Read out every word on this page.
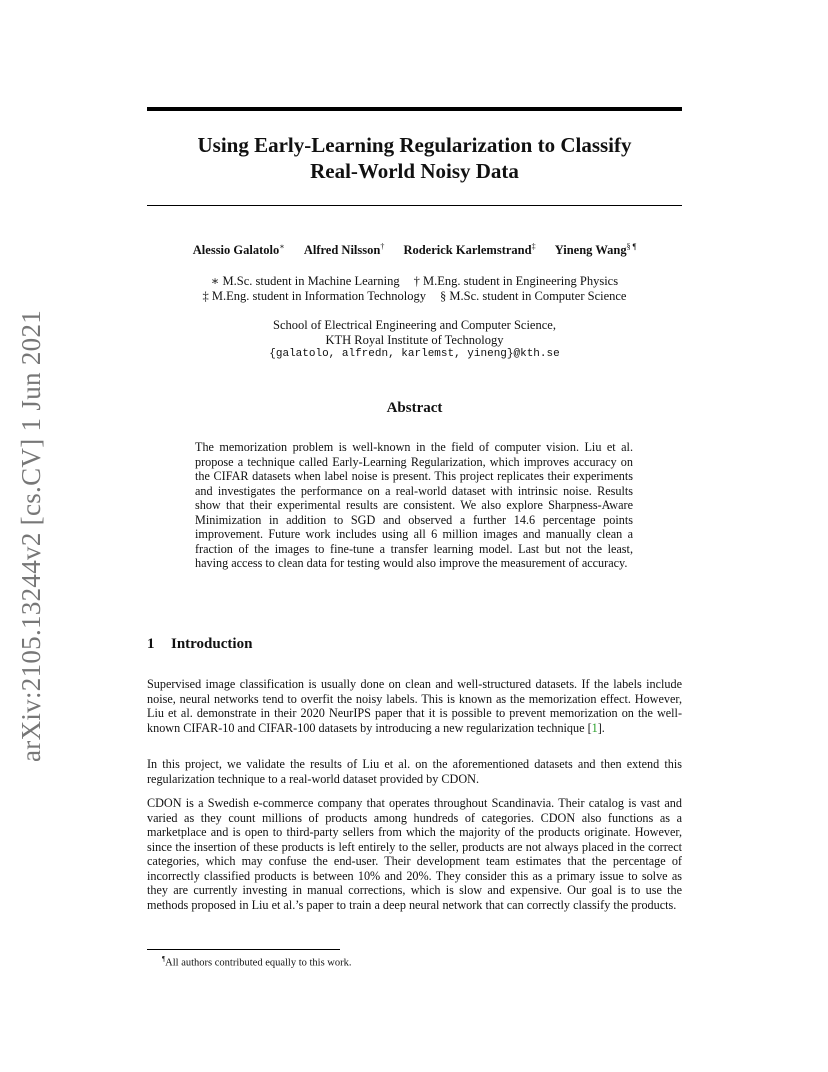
arXiv:2105.13244v2 [cs.CV] 1 Jun 2021
Using Early-Learning Regularization to Classify
Real-World Noisy Data
Alessio Galatolo∗ Alfred Nilsson† Roderick Karlemstrand‡ Yineng Wang§ ¶
∗ M.Sc. student in Machine Learning † M.Eng. student in Engineering Physics
‡ M.Eng. student in Information Technology § M.Sc. student in Computer Science
School of Electrical Engineering and Computer Science,
KTH Royal Institute of Technology
{galatolo, alfredn, karlemst, yineng}@kth.se
Abstract
The memorization problem is well-known in the field of computer vision. Liu et al. propose a technique called Early-Learning Regularization, which improves accuracy on the CIFAR datasets when label noise is present. This project replicates their experiments and investigates the performance on a real-world dataset with intrinsic noise. Results show that their experimental results are consistent. We also explore Sharpness-Aware Minimization in addition to SGD and observed a further 14.6 percentage points improvement. Future work includes using all 6 million images and manually clean a fraction of the images to fine-tune a transfer learning model. Last but not the least, having access to clean data for testing would also improve the measurement of accuracy.
1 Introduction
Supervised image classification is usually done on clean and well-structured datasets. If the labels include noise, neural networks tend to overfit the noisy labels. This is known as the memorization effect. However, Liu et al. demonstrate in their 2020 NeurIPS paper that it is possible to prevent memorization on the well-known CIFAR-10 and CIFAR-100 datasets by introducing a new regularization technique [1].
In this project, we validate the results of Liu et al. on the aforementioned datasets and then extend this regularization technique to a real-world dataset provided by CDON.
CDON is a Swedish e-commerce company that operates throughout Scandinavia. Their catalog is vast and varied as they count millions of products among hundreds of categories. CDON also functions as a marketplace and is open to third-party sellers from which the majority of the products originate. However, since the insertion of these products is left entirely to the seller, products are not always placed in the correct categories, which may confuse the end-user. Their development team estimates that the percentage of incorrectly classified products is between 10% and 20%. They consider this as a primary issue to solve as they are currently investing in manual corrections, which is slow and expensive. Our goal is to use the methods proposed in Liu et al.’s paper to train a deep neural network that can correctly classify the products.
¶All authors contributed equally to this work.
